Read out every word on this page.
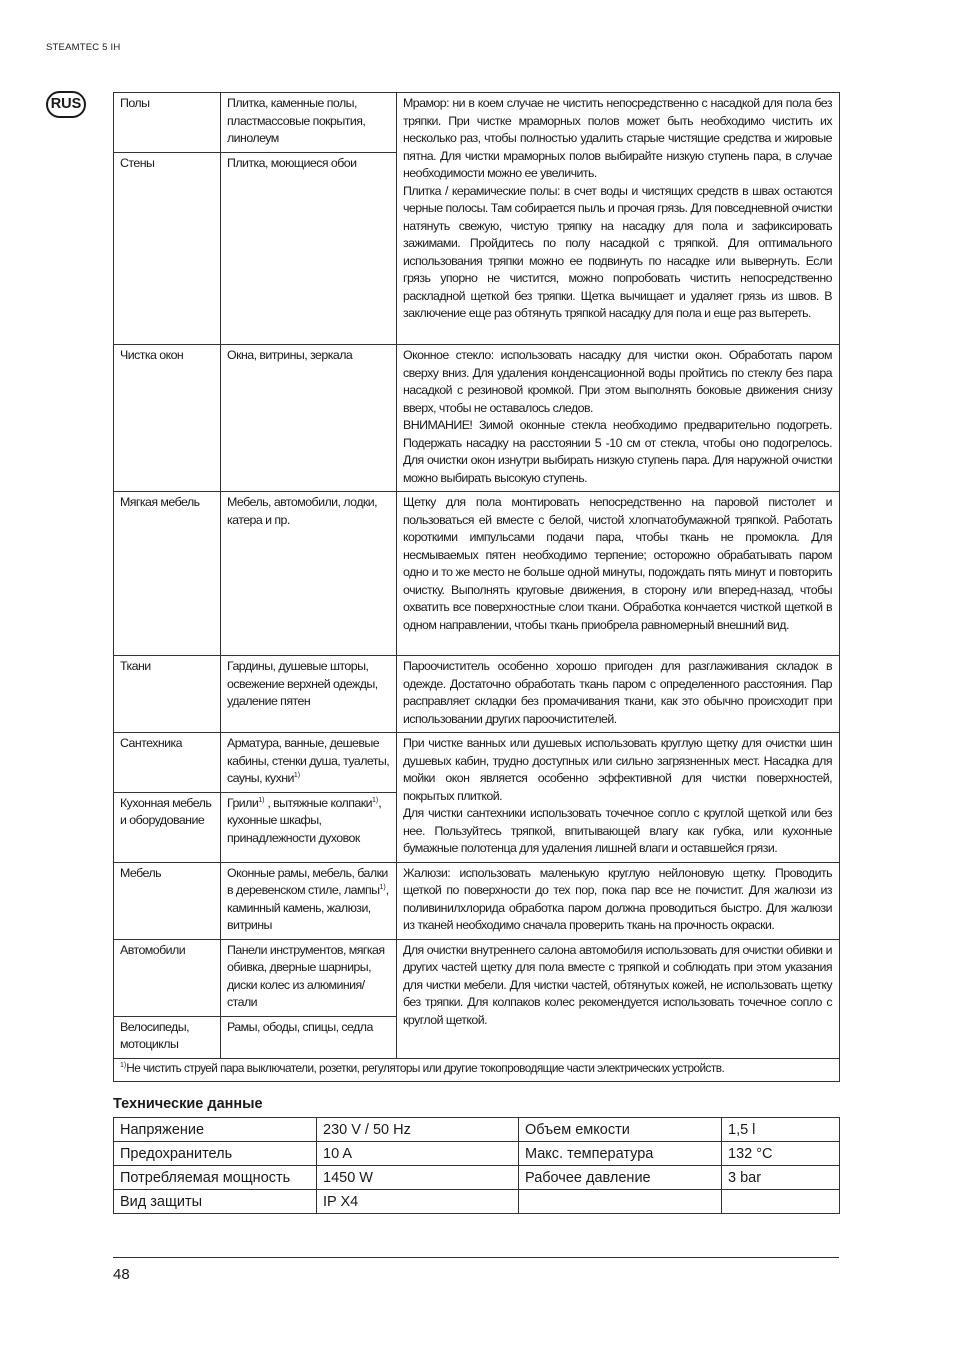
STEAMTEC 5 IH
RUS	Полы	Плитка, каменные полы, пластмассовые покрытия, линолеум	Мрамор: ни в коем случае не чистить непосредственно с насадкой для пола без тряпки. При чистке мраморных полов может быть необходимо чистить их несколько раз, чтобы полностью удалить старые чистящие средства и жировые пятна. Для чистки мраморных полов выбирайте низкую ступень пара, в случае необходимости можно ее увеличить.

Плитка / керамические полы: в счет воды и чистящих средств в швах остаются черные полосы. Там собирается пыль и прочая грязь. Для повседневной очистки натянуть свежую, чистую тряпку на насадку для пола и зафиксировать зажимами. Пройдитесь по полу насадкой с тряпкой. Для оптимального использования тряпки можно ее подвинуть по насадке или вывернуть. Если грязь упорно не чистится, можно попробовать чистить непосредственно раскладной щеткой без тряпки. Щетка вычищает и удаляет грязь из швов. В заключение еще раз обтянуть тряпкой насадку для пола и еще раз вытереть.

Стены	Плитка, моющиеся обои	
Чистка окон	Окна, витрины, зеркала	Оконное стекло: использовать насадку для чистки окон. Обработать паром сверху вниз. Для удаления конденсационной воды пройтись по стеклу без пара насадкой с резиновой кромкой. При этом выполнять боковые движения снизу вверх, чтобы не оставалось следов.

ВНИМАНИЕ! Зимой оконные стекла необходимо предварительно подогреть. Подержать насадку на расстоянии 5 -10 см от стекла, чтобы оно подогрелось. Для очистки окон изнутри выбирать низкую ступень пара. Для наружной очистки можно выбирать высокую ступень.

Мягкая мебель	Мебель, автомобили, лодки, катера и пр.	Щетку для пола монтировать непосредственно на паровой пистолет и пользоваться ей вместе с белой, чистой хлопчатобумажной тряпкой. Работать короткими импульсами подачи пара, чтобы ткань не промокла. Для несмываемых пятен необходимо терпение; осторожно обрабатывать паром одно и то же место не больше одной минуты, подождать пять минут и повторить очистку. Выполнять круговые движения, в сторону или вперед-назад, чтобы охватить все поверхностные слои ткани. Обработка кончается чисткой щеткой в одном направлении, чтобы ткань приобрела равномерный внешний вид.

Ткани	Гардины, душевые шторы, освежение верхней одежды, удаление пятен	Пароочиститель особенно хорошо пригоден для разглаживания складок в одежде. Достаточно обработать ткань паром с определенного расстояния. Пар расправляет складки без промачивания ткани, как это обычно происходит при использовании других пароочистителей.

Сантехника	Арматура, ванные, дешевые кабины, стенки душа, туалеты, сауны, кухни$^{1)}$	При чистке ванных или душевых использовать круглую щетку для очистки шин душевых кабин, трудно доступных или сильно загрязненных мест. Насадка для мойки окон является особенно эффективной для чистки поверхностей, покрытых плиткой.

Для чистки сантехники использовать точечное сопло с круглой щеткой или без нее. Пользуйтесь тряпкой, впитывающей влагу как губка, или кухонные бумажные полотенца для удаления лишней влаги и оставшейся грязи.

Кухонная мебель и оборудование	Грили$^{1)}$ , вытяжные колпаки$^{1)}$, кухонные шкафы, принадлежности духовок	
Мебель	Оконные рамы, мебель, балки в деревенском стиле, лампы$^{1)}$, каминный камень, жалюзи, витрины	Жалюзи: использовать маленькую круглую нейлоновую щетку. Проводить щеткой по поверхности до тех пор, пока пар все не почистит. Для жалюзи из поливинилхлорида обработка паром должна проводиться быстро. Для жалюзи из тканей необходимо сначала проверить ткань на прочность окраски.

Автомобили	Панели инструментов, мягкая обивка, дверные шарниры, диски колес из алюминия/стали	Для очистки внутреннего салона автомобиля использовать для очистки обивки и других частей щетку для пола вместе с тряпкой и соблюдать при этом указания для чистки мебели. Для чистки частей, обтянутых кожей, не использовать щетку без тряпки. Для колпаков колес рекомендуется использовать точечное сопло с круглой щеткой.

Велосипеды, мотоциклы	Рамы, ободы, спицы, седла	
$^{1)}$Не чистить струей пара выключатели, розетки, регуляторы или другие токопроводящие части электрических устройств.		
Технические данные
Напряжение	230 V / 50 Hz	Объем емкости	1,5 l
Предохранитель	10 A	Макс. температура	132 °C
Потребляемая мощность	1450 W	Рабочее давление	3 bar
Вид защиты	IP X4		
48
